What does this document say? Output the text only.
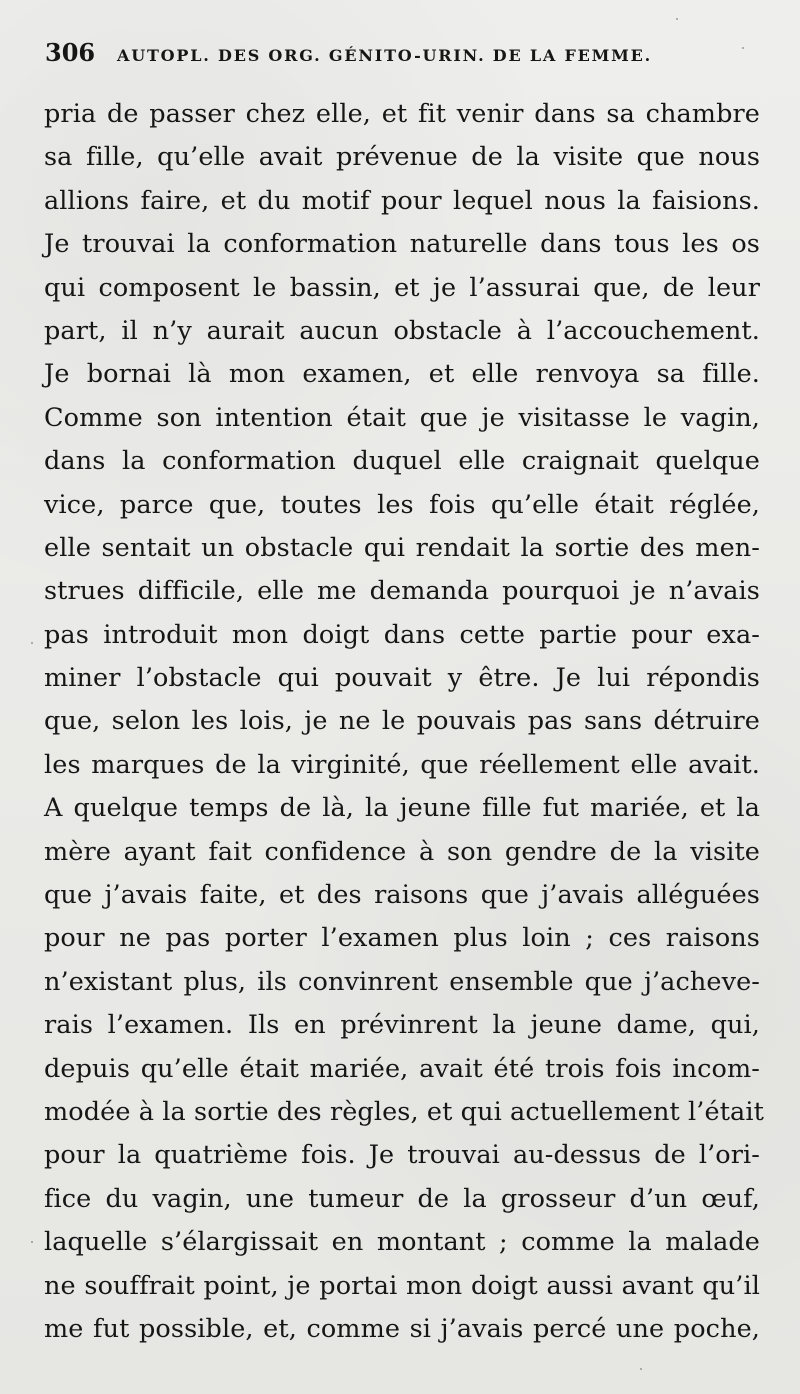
306	AUTOPL. DES ORG. GÉNITO-URIN. DE LA FEMME.
pria de passer chez elle, et fit venir dans sa chambre
sa fille, qu’elle avait prévenue de la visite que nous
allions faire, et du motif pour lequel nous la faisions.
Je trouvai la conformation naturelle dans tous les os
qui composent le bassin, et je l’assurai que, de leur
part, il n’y aurait aucun obstacle à l’accouchement.
Je bornai là mon examen, et elle renvoya sa fille.
Comme son intention était que je visitasse le vagin,
dans la conformation duquel elle craignait quelque
vice, parce que, toutes les fois qu’elle était réglée,
elle sentait un obstacle qui rendait la sortie des men-
strues difficile, elle me demanda pourquoi je n’avais
pas introduit mon doigt dans cette partie pour exa-
miner l’obstacle qui pouvait y être. Je lui répondis
que, selon les lois, je ne le pouvais pas sans détruire
les marques de la virginité, que réellement elle avait.
A quelque temps de là, la jeune fille fut mariée, et la
mère ayant fait confidence à son gendre de la visite
que j’avais faite, et des raisons que j’avais alléguées
pour ne pas porter l’examen plus loin ; ces raisons
n’existant plus, ils convinrent ensemble que j’acheve-
rais l’examen. Ils en prévinrent la jeune dame, qui,
depuis qu’elle était mariée, avait été trois fois incom-
modée à la sortie des règles, et qui actuellement l’était
pour la quatrième fois. Je trouvai au-dessus de l’ori-
fice du vagin, une tumeur de la grosseur d’un œuf,
laquelle s’élargissait en montant ; comme la malade
ne souffrait point, je portai mon doigt aussi avant qu’il
me fut possible, et, comme si j’avais percé une poche,
